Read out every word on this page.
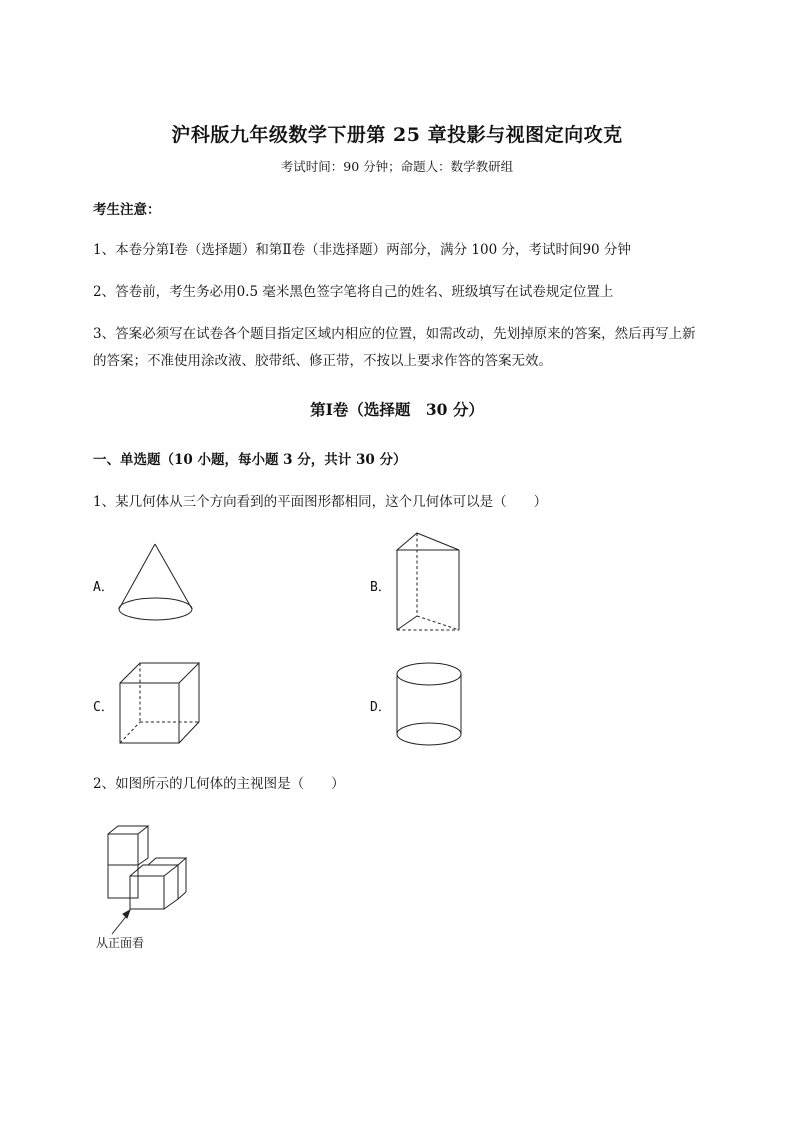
沪科版九年级数学下册第 25 章投影与视图定向攻克
考试时间：90 分钟；命题人：数学教研组
考生注意：
1、本卷分第Ⅰ卷（选择题）和第Ⅱ卷（非选择题）两部分，满分 100 分，考试时间90 分钟
2、答卷前，考生务必用0.5 毫米黑色签字笔将自己的姓名、班级填写在试卷规定位置上
3、答案必须写在试卷各个题目指定区域内相应的位置，如需改动，先划掉原来的答案，然后再写上新
的答案；不准使用涂改液、胶带纸、修正带，不按以上要求作答的答案无效。
第Ⅰ卷（选择题　30 分）
一、单选题（10 小题，每小题 3 分，共计 30 分）
1、某几何体从三个方向看到的平面图形都相同，这个几何体可以是（　　）
A．	B．
C．	D．
2、如图所示的几何体的主视图是（　　）
从正面看
